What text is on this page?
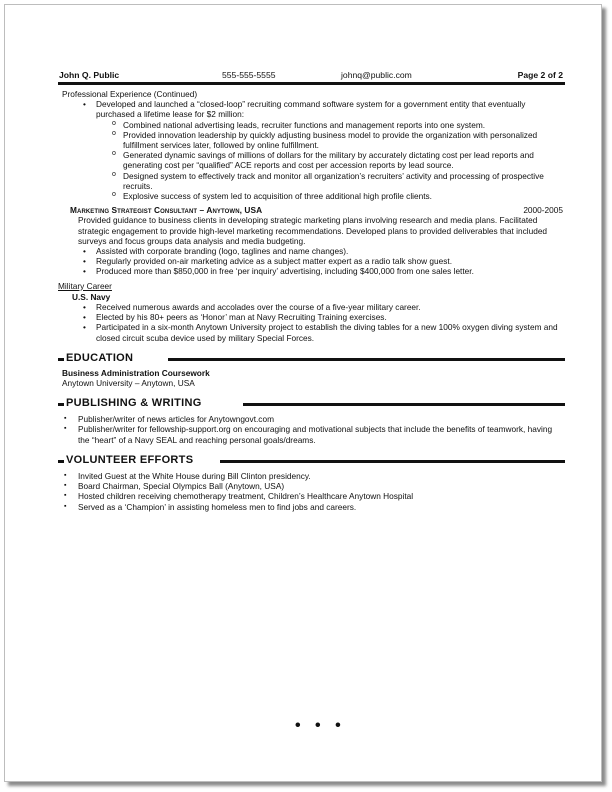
John Q. Public	555-555-5555	johnq@public.com	Page 2 of 2
Professional Experience (Continued)
• Developed and launched a “closed-loop” recruiting command software system for a government entity that eventually purchased a lifetime lease for $2 million:
o Combined national advertising leads, recruiter functions and management reports into one system.
o Provided innovation leadership by quickly adjusting business model to provide the organization with personalized fulfillment services later, followed by online fulfillment.
o Generated dynamic savings of millions of dollars for the military by accurately dictating cost per lead reports and generating cost per “qualified” ACE reports and cost per accession reports by lead source.
o Designed system to effectively track and monitor all organization’s recruiters’ activity and processing of prospective recruits.
o Explosive success of system led to acquisition of three additional high profile clients.
Marketing Strategist Consultant – Anytown, USA	2000-2005
Provided guidance to business clients in developing strategic marketing plans involving research and media plans. Facilitated strategic engagement to provide high-level marketing recommendations. Developed plans to provided deliverables that included surveys and focus groups data analysis and media budgeting.
• Assisted with corporate branding (logo, taglines and name changes).
• Regularly provided on-air marketing advice as a subject matter expert as a radio talk show guest.
• Produced more than $850,000 in free ‘per inquiry’ advertising, including $400,000 from one sales letter.
Military Career
U.S. Navy
• Received numerous awards and accolades over the course of a five-year military career.
• Elected by his 80+ peers as ‘Honor’ man at Navy Recruiting Training exercises.
• Participated in a six-month Anytown University project to establish the diving tables for a new 100% oxygen diving system and closed circuit scuba device used by military Special Forces.
EDUCATION
Business Administration Coursework
Anytown University – Anytown, USA
PUBLISHING & WRITING
▪ Publisher/writer of news articles for Anytowngovt.com
▪ Publisher/writer for fellowship-support.org on encouraging and motivational subjects that include the benefits of teamwork, having the “heart” of a Navy SEAL and reaching personal goals/dreams.
VOLUNTEER EFFORTS
▪ Invited Guest at the White House during Bill Clinton presidency.
▪ Board Chairman, Special Olympics Ball (Anytown, USA)
▪ Hosted children receiving chemotherapy treatment, Children’s Healthcare Anytown Hospital
▪ Served as a ‘Champion’ in assisting homeless men to find jobs and careers.
• • •
